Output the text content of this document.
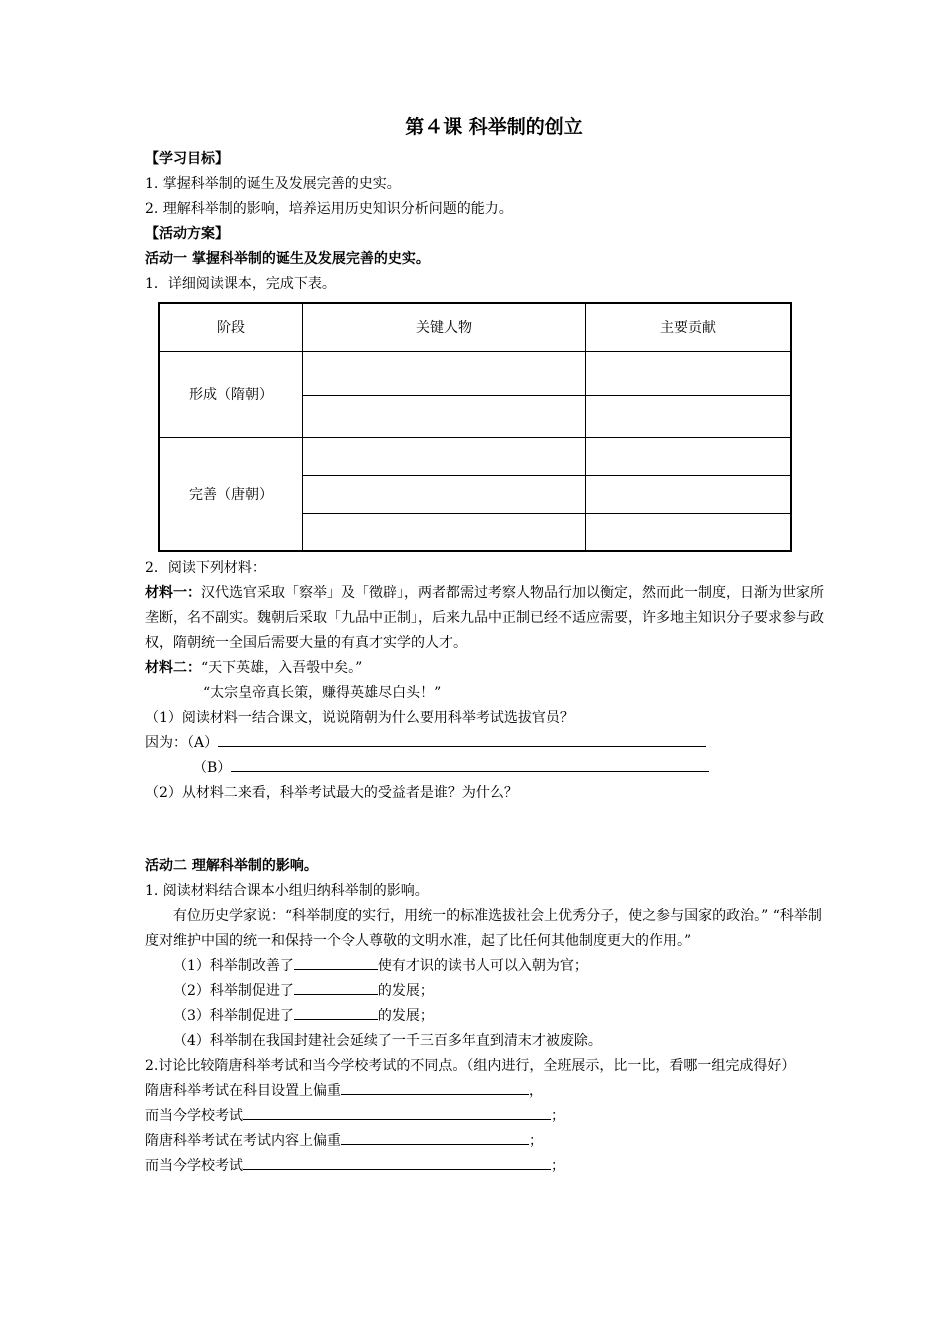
第４课 科举制的创立
【学习目标】
1. 掌握科举制的诞生及发展完善的史实。
2. 理解科举制的影响，培养运用历史知识分析问题的能力。
【活动方案】
活动一 掌握科举制的诞生及发展完善的史实。
1．详细阅读课本，完成下表。
阶段	关键人物	主要贡献
形成（隋朝）		

完善（唐朝）		

2．阅读下列材料：
材料一：汉代选官采取「察举」及「徵辟」，两者都需过考察人物品行加以衡定，然而此一制度，日渐为世家所垄断，名不副实。魏朝后采取「九品中正制」，后来九品中正制已经不适应需要，许多地主知识分子要求参与政权，隋朝统一全国后需要大量的有真才实学的人才。
材料二：“天下英雄，入吾彀中矣。”
“太宗皇帝真长策，赚得英雄尽白头！”
（1）阅读材料一结合课文，说说隋朝为什么要用科举考试选拔官员？
因为：（A）
（B）
（2）从材料二来看，科举考试最大的受益者是谁？为什么？
活动二 理解科举制的影响。
1. 阅读材料结合课本小组归纳科举制的影响。
有位历史学家说：“科举制度的实行，用统一的标准选拔社会上优秀分子，使之参与国家的政治。” “科举制度对维护中国的统一和保持一个令人尊敬的文明水准，起了比任何其他制度更大的作用。”
（1）科举制改善了	使有才识的读书人可以入朝为官；
（2）科举制促进了	的发展；
（3）科举制促进了	的发展；
（4）科举制在我国封建社会延续了一千三百多年直到清末才被废除。
2.讨论比较隋唐科举考试和当今学校考试的不同点。（组内进行，全班展示，比一比，看哪一组完成得好）
隋唐科举考试在科目设置上偏重	，
而当今学校考试	；
隋唐科举考试在考试内容上偏重	；
而当今学校考试	；
